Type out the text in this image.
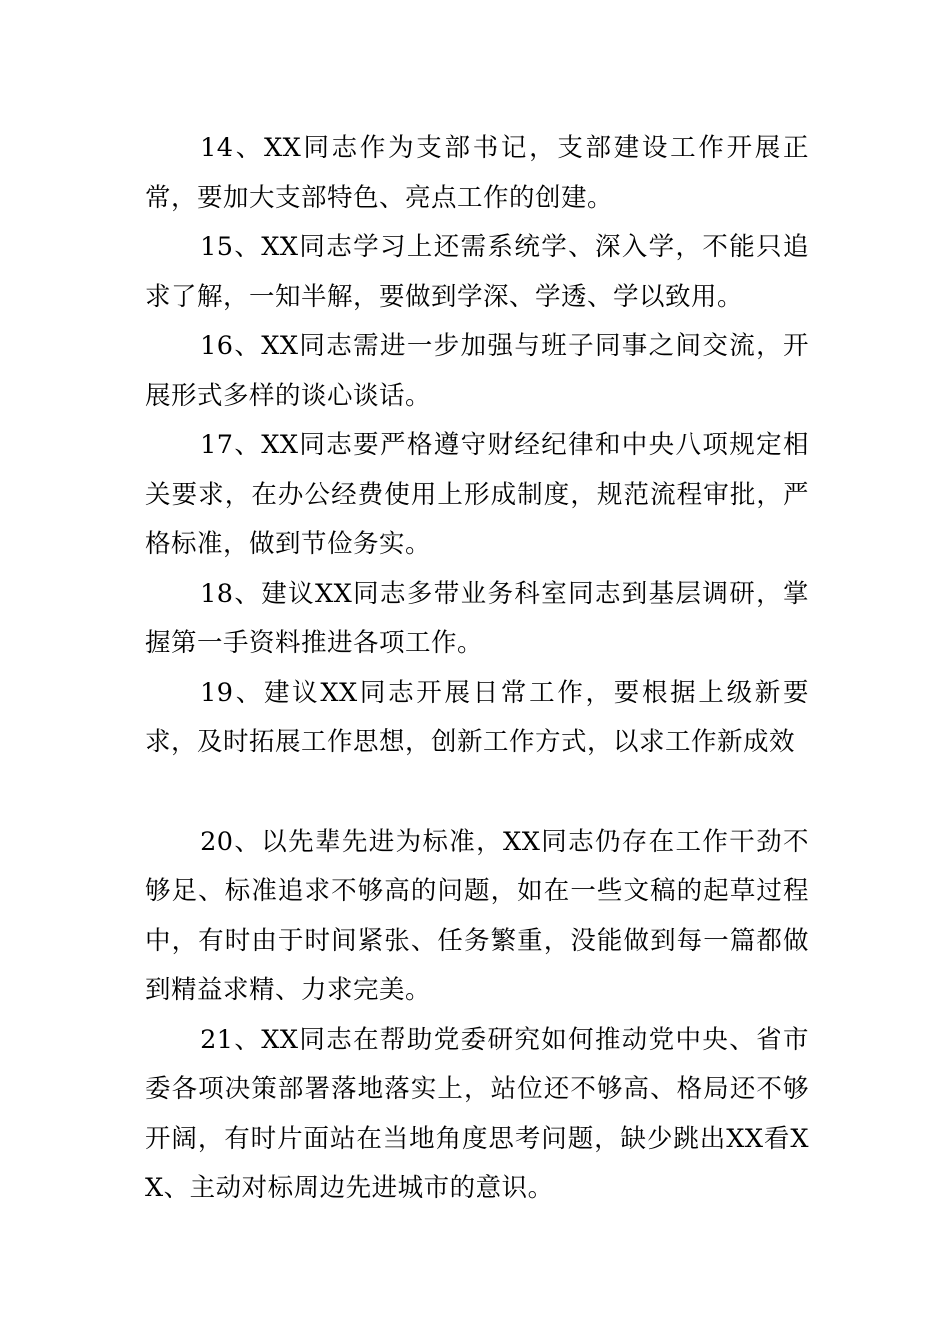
14、XX同志作为支部书记，支部建设工作开展正常，要加大支部特色、亮点工作的创建。

15、XX同志学习上还需系统学、深入学，不能只追求了解，一知半解，要做到学深、学透、学以致用。

16、XX同志需进一步加强与班子同事之间交流，开展形式多样的谈心谈话。

17、XX同志要严格遵守财经纪律和中央八项规定相关要求，在办公经费使用上形成制度，规范流程审批，严格标准，做到节俭务实。

18、建议XX同志多带业务科室同志到基层调研，掌握第一手资料推进各项工作。

19、建议XX同志开展日常工作，要根据上级新要求，及时拓展工作思想，创新工作方式，以求工作新成效

20、以先辈先进为标准，XX同志仍存在工作干劲不够足、标准追求不够高的问题，如在一些文稿的起草过程中，有时由于时间紧张、任务繁重，没能做到每一篇都做到精益求精、力求完美。

21、XX同志在帮助党委研究如何推动党中央、省市委各项决策部署落地落实上，站位还不够高、格局还不够开阔，有时片面站在当地角度思考问题，缺少跳出XX看XX、主动对标周边先进城市的意识。
